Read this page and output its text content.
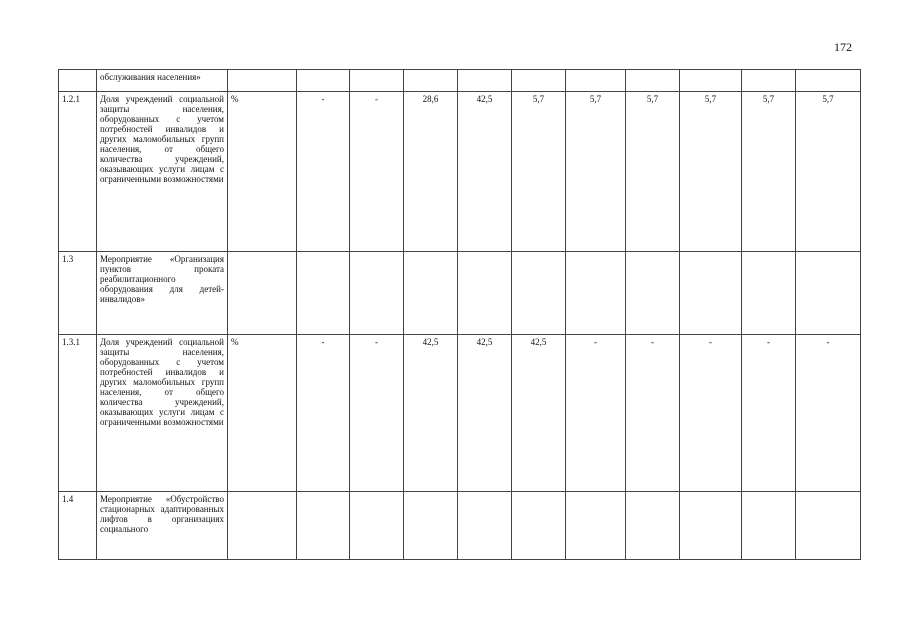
172
	обслуживания населения»											
1.2.1	Доля учреждений социальной защиты населения, оборудованных с учетом потребностей инвалидов и других маломобильных групп населения, от общего количества учреждений, оказывающих услуги лицам с ограниченными возможностями	%	-	-	28,6	42,5	5,7	5,7	5,7	5,7	5,7	5,7
1.3	Мероприятие «Организация пунктов проката реабилитационного оборудования для детей-инвалидов»											
1.3.1	Доля учреждений социальной защиты населения, оборудованных с учетом потребностей инвалидов и других маломобильных групп населения, от общего количества учреждений, оказывающих услуги лицам с ограниченными возможностями	%	-	-	42,5	42,5	42,5	-	-	-	-	-
1.4	Мероприятие «Обустройство стационарных адаптированных лифтов в организациях социального											
